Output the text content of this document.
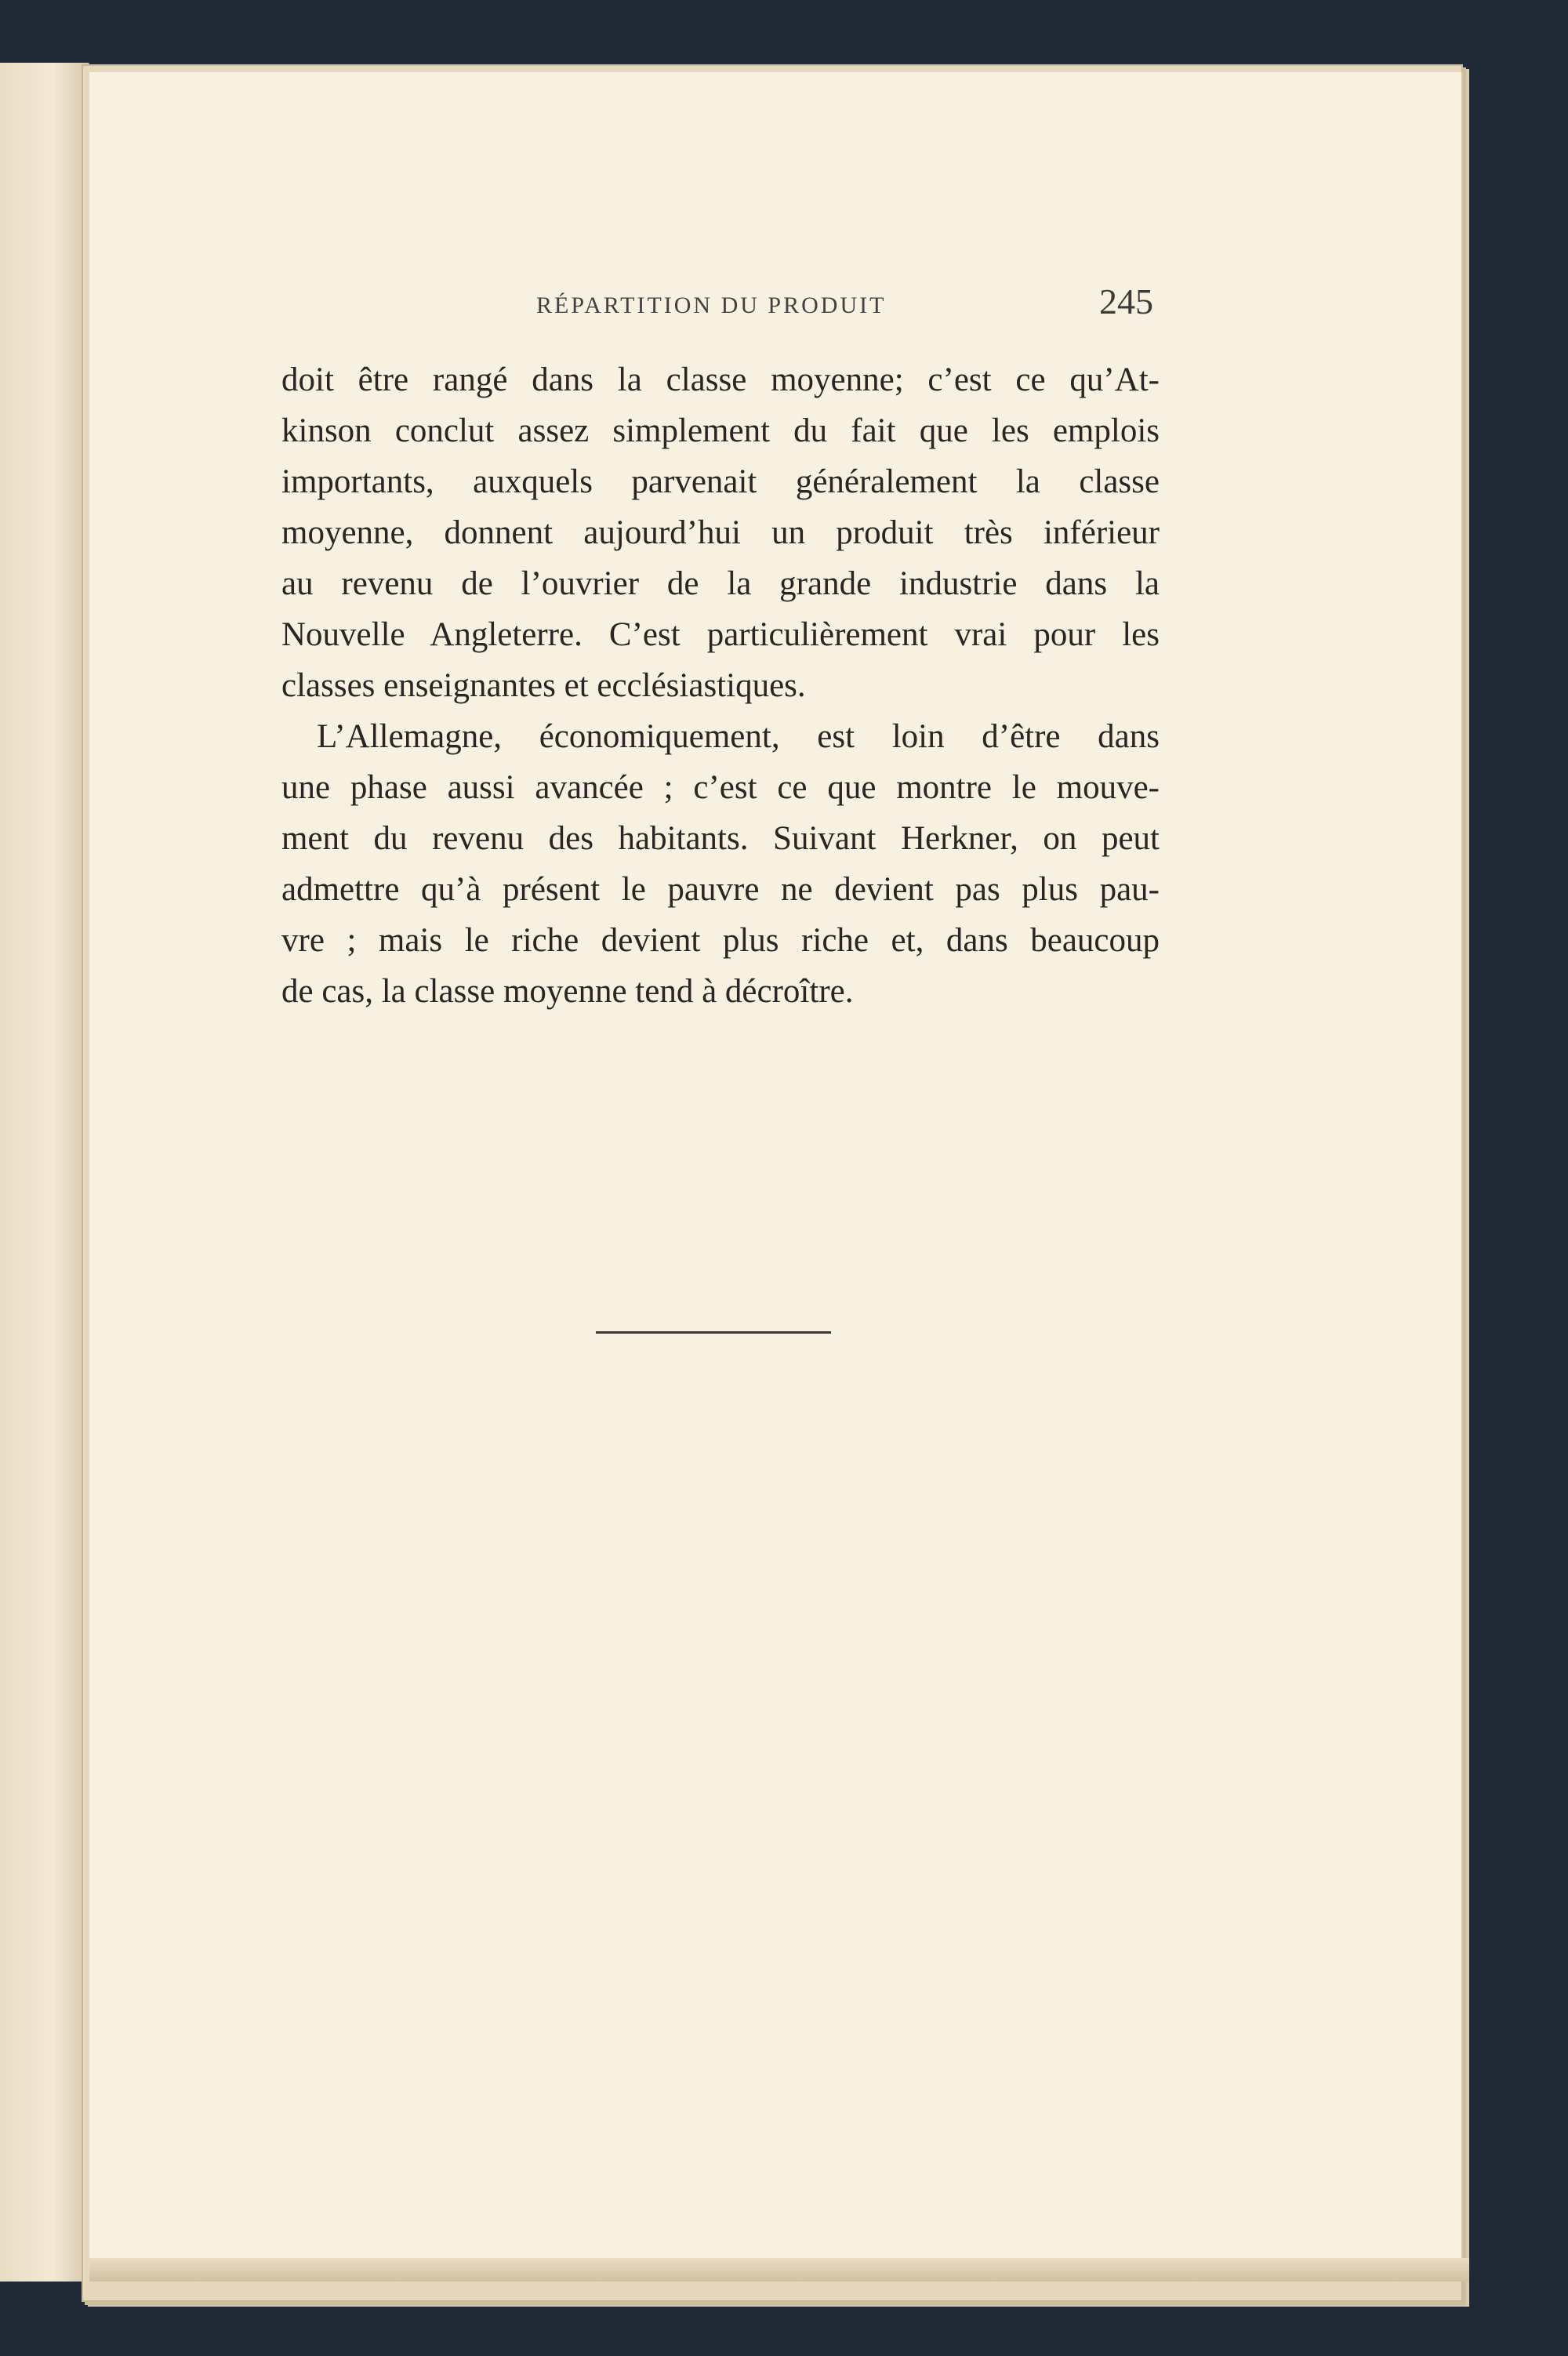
RÉPARTITION DU PRODUIT	245
doit être rangé dans la classe moyenne; c’est ce qu’At-
kinson conclut assez simplement du fait que les emplois
importants, auxquels parvenait généralement la classe
moyenne, donnent aujourd’hui un produit très inférieur
au revenu de l’ouvrier de la grande industrie dans la
Nouvelle Angleterre. C’est particulièrement vrai pour les
classes enseignantes et ecclésiastiques.
L’Allemagne, économiquement, est loin d’être dans
une phase aussi avancée ; c’est ce que montre le mouve-
ment du revenu des habitants. Suivant Herkner, on peut
admettre qu’à présent le pauvre ne devient pas plus pau-
vre ; mais le riche devient plus riche et, dans beaucoup
de cas, la classe moyenne tend à décroître.
